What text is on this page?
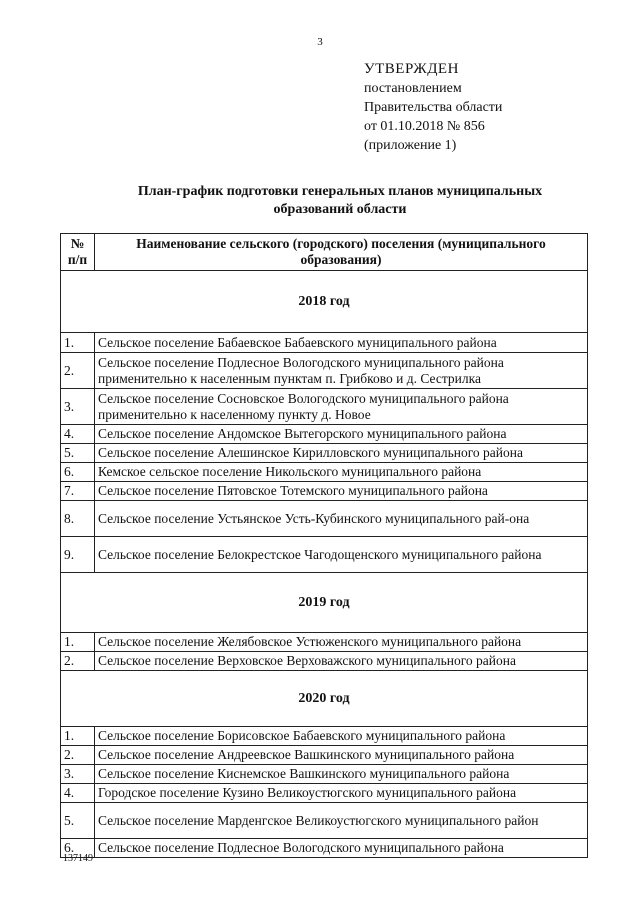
3
УТВЕРЖДЕН
постановлением
Правительства области
от 01.10.2018 № 856
(приложение 1)
План-график подготовки генеральных планов муниципальных
образований области
№ п/п	Наименование сельского (городского) поселения (муниципального образования)
2018 год	
1.	Сельское поселение Бабаевское Бабаевского муниципального района
2.	Сельское поселение Подлесное Вологодского муниципального района применительно к населенным пунктам п. Грибково и д. Сестрилка
3.	Сельское поселение Сосновское Вологодского муниципального района применительно к населенному пункту д. Новое
4.	Сельское поселение Андомское Вытегорского муниципального района
5.	Сельское поселение Алешинское Кирилловского муниципального района
6.	Кемское сельское поселение Никольского муниципального района
7.	Сельское поселение Пятовское Тотемского муниципального района
8.	Сельское поселение Устьянское Усть-Кубинского муниципального рай-она
9.	Сельское поселение Белокрестское Чагодощенского муниципального района
2019 год	
1.	Сельское поселение Желябовское Устюженского муниципального района
2.	Сельское поселение Верховское Верховажского муниципального района
2020 год	
1.	Сельское поселение Борисовское Бабаевского муниципального района
2.	Сельское поселение Андреевское Вашкинского муниципального района
3.	Сельское поселение Киснемское Вашкинского муниципального района
4.	Городское поселение Кузино Великоустюгского муниципального района
5.	Сельское поселение Марденгское Великоустюгского муниципального район
6.	Сельское поселение Подлесное Вологодского муниципального района
137149
